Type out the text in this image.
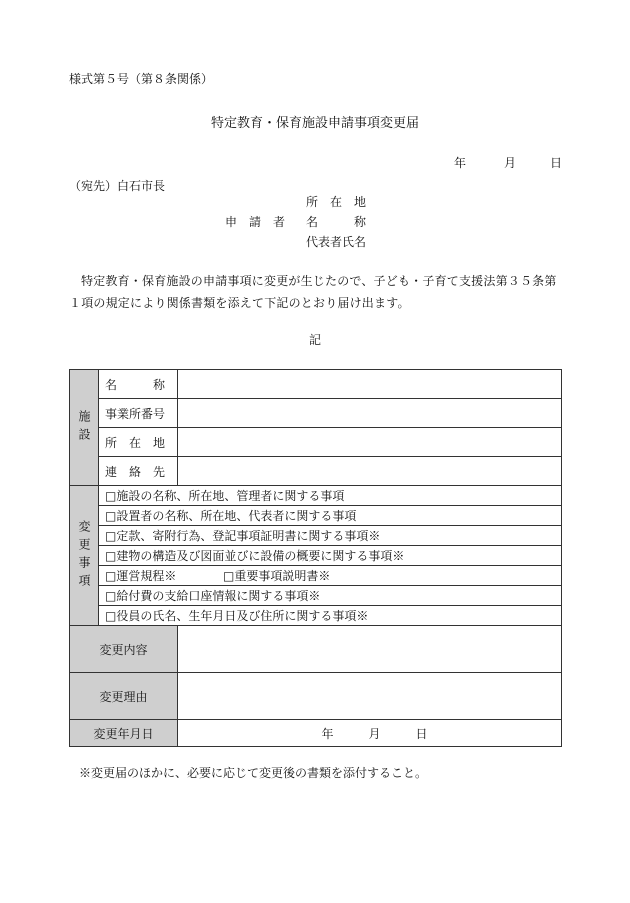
様式第５号（第８条関係）
特定教育・保育施設申請事項変更届
年	月	日
（宛先）白石市長
所　在　地
申　請　者 名　　　称
代表者氏名
特定教育・保育施設の申請事項に変更が生じたので、子ども・子育て支援法第３５条第１項の規定により関係書類を添えて下記のとおり届け出ます。
記
施設	名　　　称	
	事業所番号	
	所　在　地	
	連　絡　先	

変更事項	□施設の名称、所在地、管理者に関する事項	
	□設置者の名称、所在地、代表者に関する事項	
	□定款、寄附行為、登記事項証明書に関する事項※	
	□建物の構造及び図面並びに設備の概要に関する事項※	
	□運営規程※ □重要事項説明書※	
	□給付費の支給口座情報に関する事項※	
	□役員の氏名、生年月日及び住所に関する事項※	
変更内容		
変更理由		
変更年月日		年 月 日
※変更届のほかに、必要に応じて変更後の書類を添付すること。
